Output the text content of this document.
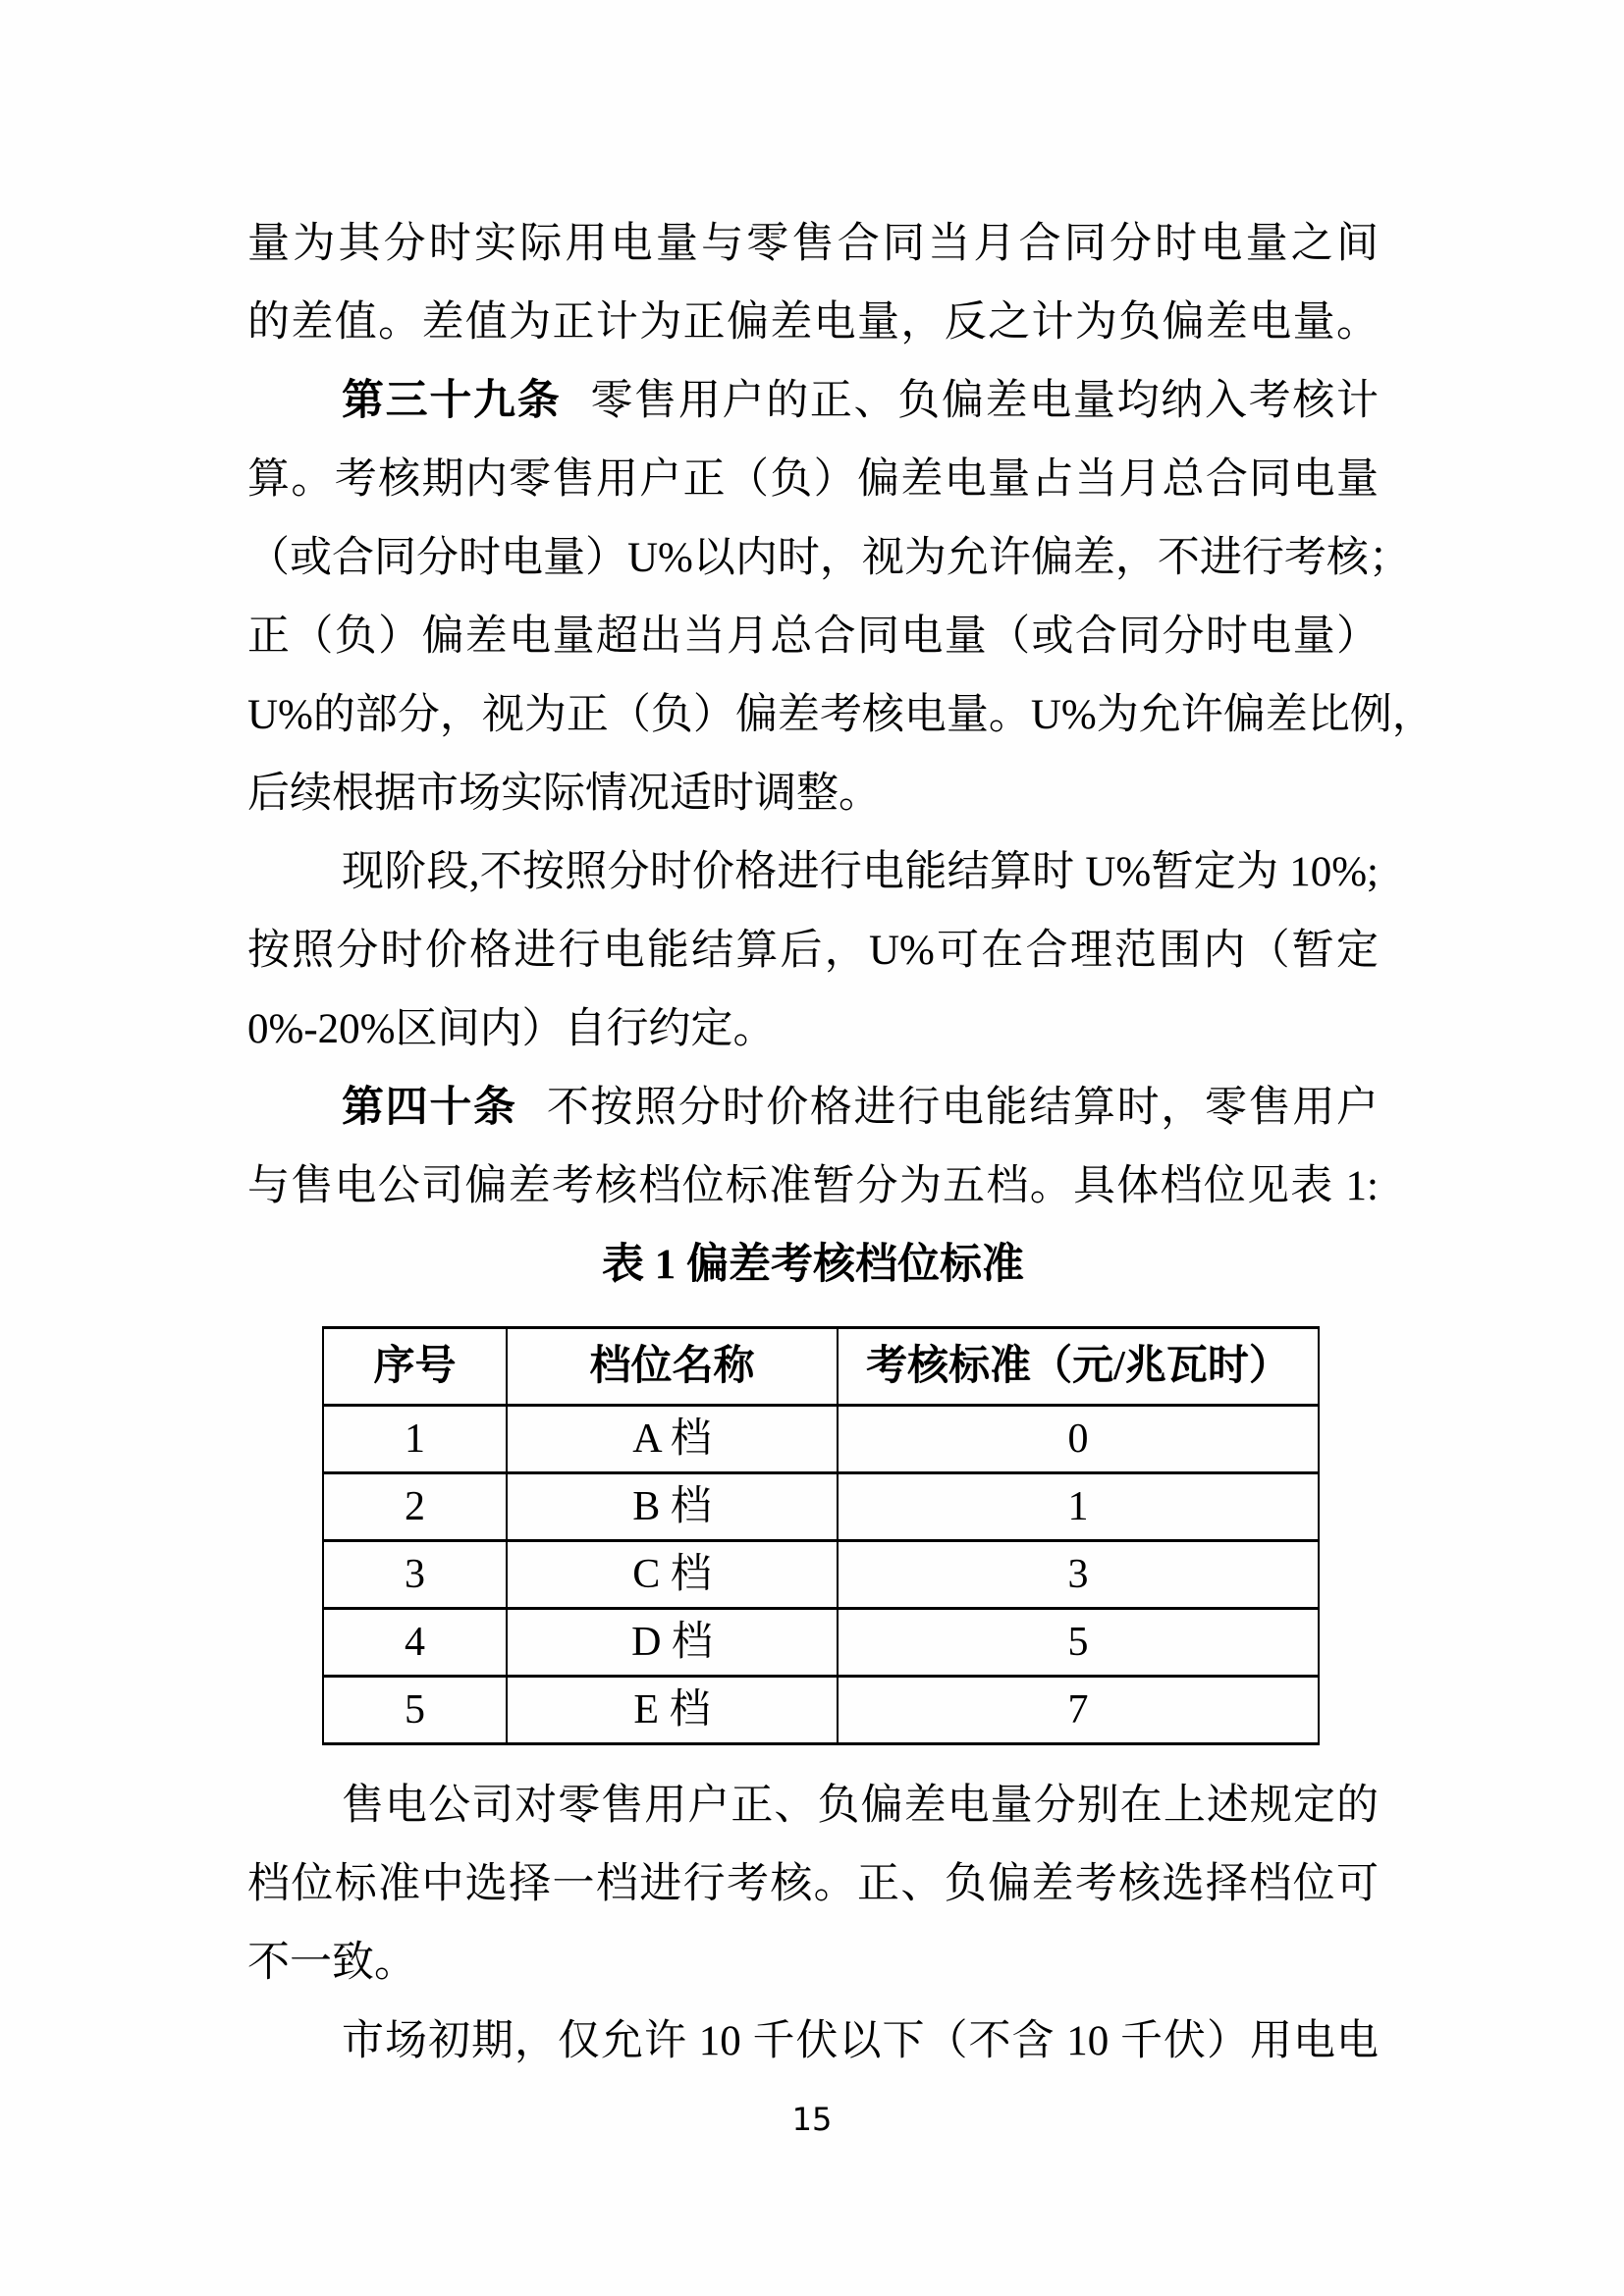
量为其分时实际用电量与零售合同当月合同分时电量之间
的差值。差值为正计为正偏差电量，反之计为负偏差电量。
第三十九条 零售用户的正、负偏差电量均纳入考核计
算。考核期内零售用户正（负）偏差电量占当月总合同电量
（或合同分时电量）U%以内时，视为允许偏差，不进行考核；
正（负）偏差电量超出当月总合同电量（或合同分时电量）
U%的部分，视为正（负）偏差考核电量。U%为允许偏差比例，
后续根据市场实际情况适时调整。
现阶段,不按照分时价格进行电能结算时 U%暂定为 10%;
按照分时价格进行电能结算后，U%可在合理范围内（暂定
0%-20%区间内）自行约定。
第四十条 不按照分时价格进行电能结算时，零售用户
与售电公司偏差考核档位标准暂分为五档。具体档位见表 1:
表 1 偏差考核档位标准
序号	档位名称	考核标准（元/兆瓦时）
1	A 档	0
2	B 档	1
3	C 档	3
4	D 档	5
5	E 档	7
售电公司对零售用户正、负偏差电量分别在上述规定的
档位标准中选择一档进行考核。正、负偏差考核选择档位可
不一致。
市场初期，仅允许 10 千伏以下（不含 10 千伏）用电电
15
